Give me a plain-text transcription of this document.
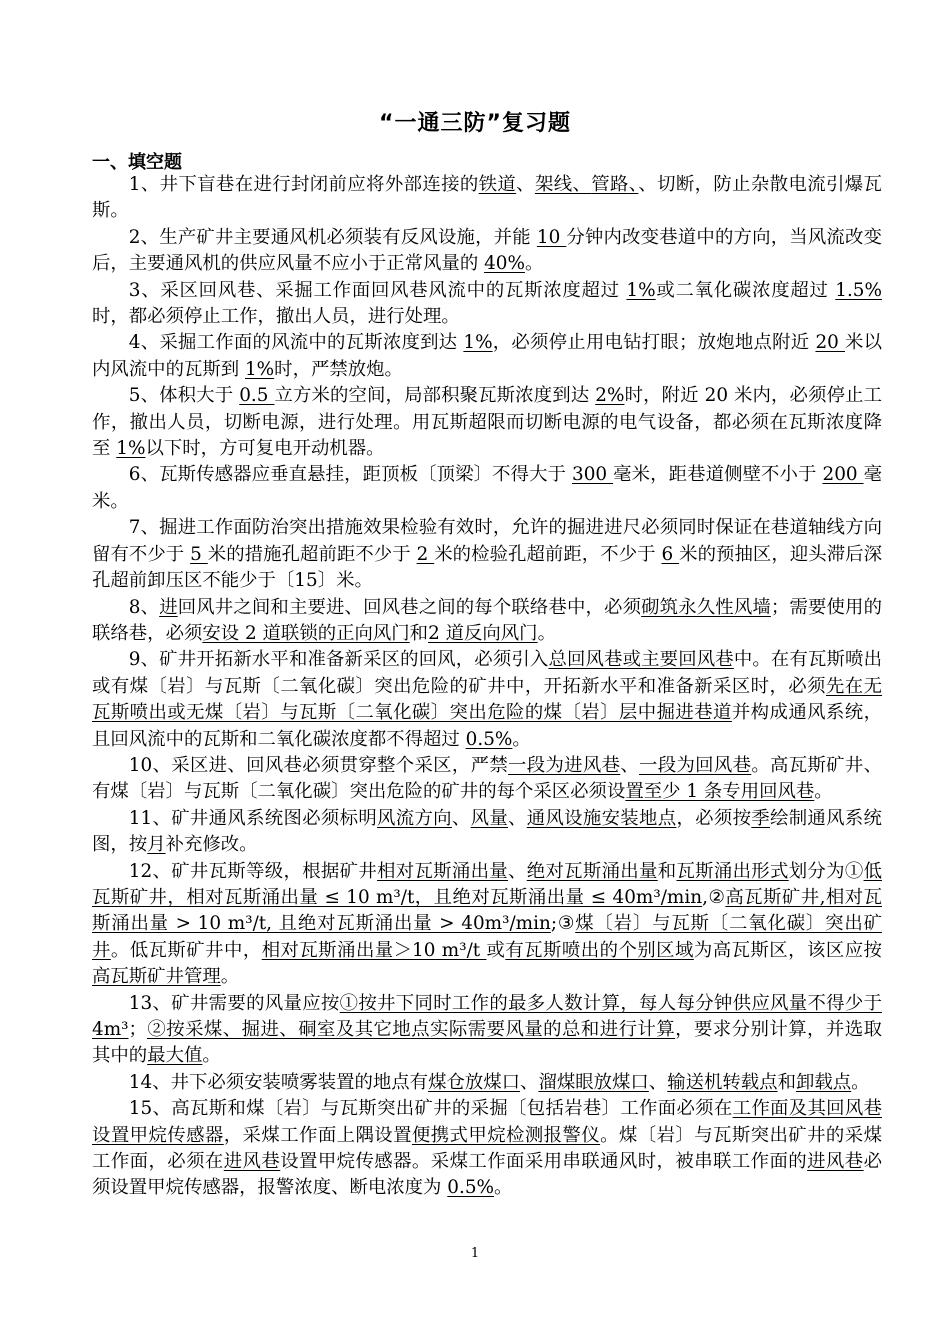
“一通三防”复习题
一、填空题

1、井下盲巷在进行封闭前应将外部连接的铁道、架线、管路、、切断，防止杂散电流引爆瓦斯。

2、生产矿井主要通风机必须装有反风设施，并能 10 分钟内改变巷道中的方向，当风流改变后，主要通风机的供应风量不应小于正常风量的 40%。

3、采区回风巷、采掘工作面回风巷风流中的瓦斯浓度超过 1%或二氧化碳浓度超过 1.5%时，都必须停止工作，撤出人员，进行处理。

4、采掘工作面的风流中的瓦斯浓度到达 1%，必须停止用电钻打眼；放炮地点附近 20 米以内风流中的瓦斯到 1%时，严禁放炮。

5、体积大于 0.5 立方米的空间，局部积聚瓦斯浓度到达 2%时，附近 20 米内，必须停止工作，撤出人员，切断电源，进行处理。用瓦斯超限而切断电源的电气设备，都必须在瓦斯浓度降至 1%以下时，方可复电开动机器。

6、瓦斯传感器应垂直悬挂，距顶板〔顶梁〕不得大于 300 毫米，距巷道侧壁不小于 200 毫米。

7、掘进工作面防治突出措施效果检验有效时，允许的掘进进尺必须同时保证在巷道轴线方向留有不少于 5 米的措施孔超前距不少于 2 米的检验孔超前距，不少于 6 米的预抽区，迎头滞后深孔超前卸压区不能少于〔15〕米。

8、进回风井之间和主要进、回风巷之间的每个联络巷中，必须砌筑永久性风墙；需要使用的联络巷，必须安设 2 道联锁的正向风门和2 道反向风门。

9、矿井开拓新水平和准备新采区的回风，必须引入总回风巷或主要回风巷中。在有瓦斯喷出或有煤〔岩〕与瓦斯〔二氧化碳〕突出危险的矿井中，开拓新水平和准备新采区时，必须先在无瓦斯喷出或无煤〔岩〕与瓦斯〔二氧化碳〕突出危险的煤〔岩〕层中掘进巷道并构成通风系统，且回风流中的瓦斯和二氧化碳浓度都不得超过 0.5%。

10、采区进、回风巷必须贯穿整个采区，严禁一段为进风巷、一段为回风巷。高瓦斯矿井、有煤〔岩〕与瓦斯〔二氧化碳〕突出危险的矿井的每个采区必须设置至少 1 条专用回风巷。

11、矿井通风系统图必须标明风流方向、风量、通风设施安装地点，必须按季绘制通风系统图，按月补充修改。

12、矿井瓦斯等级，根据矿井相对瓦斯涌出量、绝对瓦斯涌出量和瓦斯涌出形式划分为①低瓦斯矿井，相对瓦斯涌出量 ≤ 10 m³/t，且绝对瓦斯涌出量 ≤ 40m³/min,②高瓦斯矿井,相对瓦斯涌出量 > 10 m³/t, 且绝对瓦斯涌出量 > 40m³/min;③煤〔岩〕与瓦斯〔二氧化碳〕突出矿井。低瓦斯矿井中，相对瓦斯涌出量＞10 m³/t 或有瓦斯喷出的个别区域为高瓦斯区，该区应按高瓦斯矿井管理。

13、矿井需要的风量应按①按井下同时工作的最多人数计算，每人每分钟供应风量不得少于 4m³；②按采煤、掘进、硐室及其它地点实际需要风量的总和进行计算，要求分别计算，并选取其中的最大值。

14、井下必须安装喷雾装置的地点有煤仓放煤口、溜煤眼放煤口、输送机转载点和卸载点。

15、高瓦斯和煤〔岩〕与瓦斯突出矿井的采掘〔包括岩巷〕工作面必须在工作面及其回风巷设置甲烷传感器，采煤工作面上隅设置便携式甲烷检测报警仪。煤〔岩〕与瓦斯突出矿井的采煤工作面，必须在进风巷设置甲烷传感器。采煤工作面采用串联通风时，被串联工作面的进风巷必须设置甲烷传感器，报警浓度、断电浓度为 0.5%。

1
